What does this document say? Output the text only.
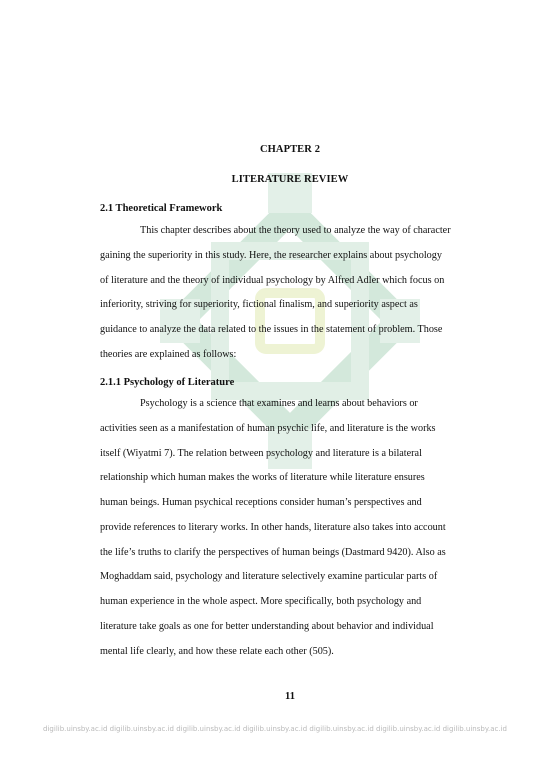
CHAPTER 2
LITERATURE REVIEW
2.1 Theoretical Framework

This chapter describes about the theory used to analyze the way of character
gaining the superiority in this study. Here, the researcher explains about psychology
of literature and the theory of individual psychology by Alfred Adler which focus on
inferiority, striving for superiority, fictional finalism, and superiority aspect as
guidance to analyze the data related to the issues in the statement of problem. Those
theories are explained as follows:

2.1.1 Psychology of Literature

Psychology is a science that examines and learns about behaviors or
activities seen as a manifestation of human psychic life, and literature is the works
itself (Wiyatmi 7). The relation between psychology and literature is a bilateral
relationship which human makes the works of literature while literature ensures
human beings. Human psychical receptions consider human’s perspectives and
provide references to literary works. In other hands, literature also takes into account
the life’s truths to clarify the perspectives of human beings (Dastmard 9420). Also as
Moghaddam said, psychology and literature selectively examine particular parts of
human experience in the whole aspect. More specifically, both psychology and
literature take goals as one for better understanding about behavior and individual
mental life clearly, and how these relate each other (505).

11
digilib.uinsby.ac.id digilib.uinsby.ac.id digilib.uinsby.ac.id digilib.uinsby.ac.id digilib.uinsby.ac.id digilib.uinsby.ac.id digilib.uinsby.ac.id
